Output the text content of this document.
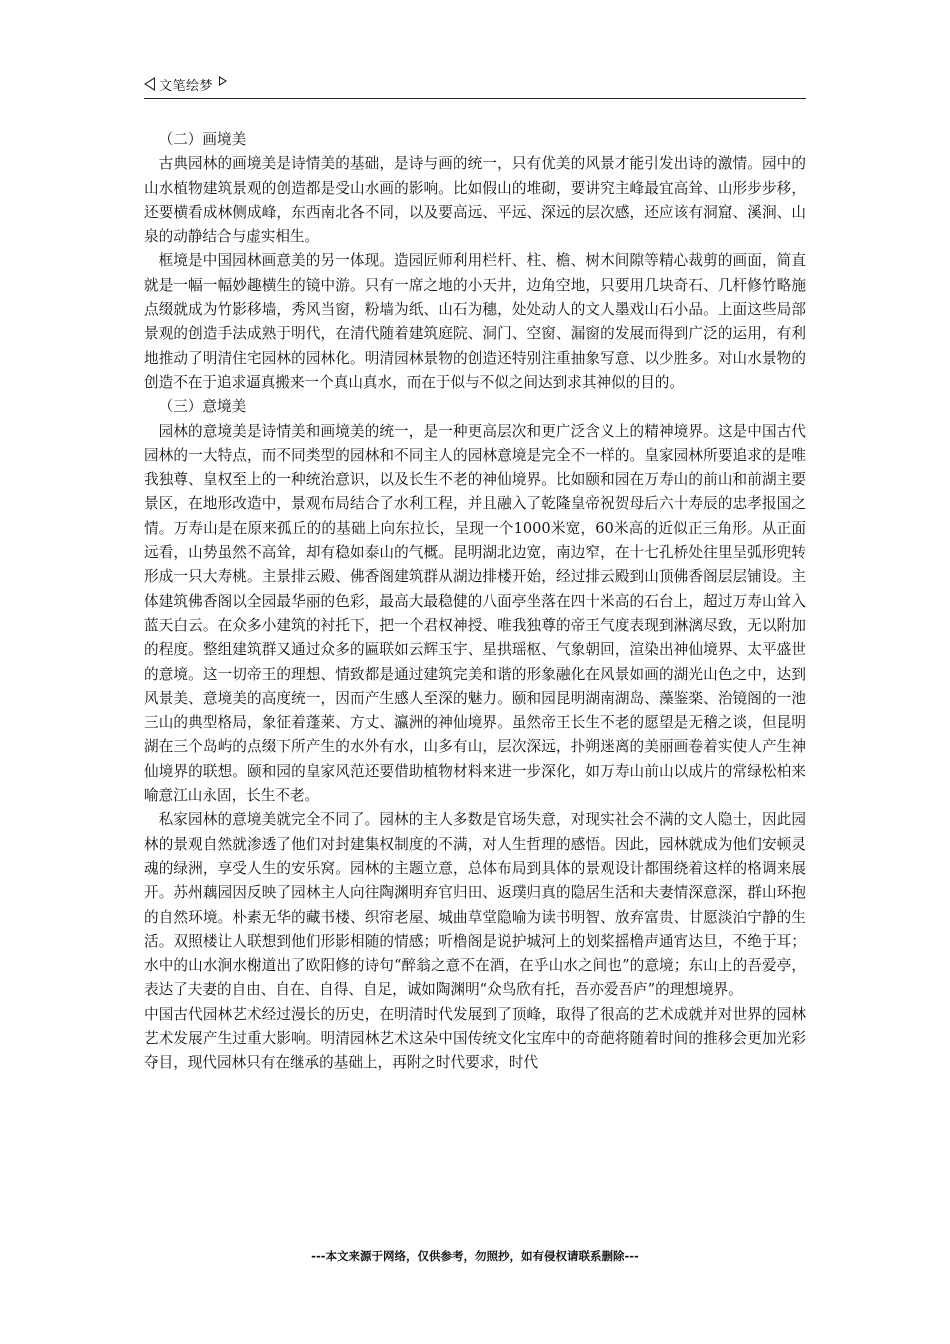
文笔绘梦

（二）画境美

古典园林的画境美是诗情美的基础，是诗与画的统一，只有优美的风景才能引发出诗的激情。园中的山水植物建筑景观的创造都是受山水画的影响。比如假山的堆砌，要讲究主峰最宜高耸、山形步步移，还要横看成林侧成峰，东西南北各不同，以及要高远、平远、深远的层次感，还应该有洞窟、溪涧、山泉的动静结合与虚实相生。

框境是中国园林画意美的另一体现。造园匠师利用栏杆、柱、檐、树木间隙等精心裁剪的画面，简直就是一幅一幅妙趣横生的镜中游。只有一席之地的小天井，边角空地，只要用几块奇石、几杆修竹略施点缀就成为竹影移墙，秀风当窗，粉墙为纸、山石为穗，处处动人的文人墨戏山石小品。上面这些局部景观的创造手法成熟于明代，在清代随着建筑庭院、洞门、空窗、漏窗的发展而得到广泛的运用，有利地推动了明清住宅园林的园林化。明清园林景物的创造还特别注重抽象写意、以少胜多。对山水景物的创造不在于追求逼真搬来一个真山真水，而在于似与不似之间达到求其神似的目的。

（三）意境美

园林的意境美是诗情美和画境美的统一，是一种更高层次和更广泛含义上的精神境界。这是中国古代园林的一大特点，而不同类型的园林和不同主人的园林意境是完全不一样的。皇家园林所要追求的是唯我独尊、皇权至上的一种统治意识，以及长生不老的神仙境界。比如颐和园在万寿山的前山和前湖主要景区，在地形改造中，景观布局结合了水利工程，并且融入了乾隆皇帝祝贺母后六十寿辰的忠孝报国之情。万寿山是在原来孤丘的的基础上向东拉长，呈现一个1000米宽，60米高的近似正三角形。从正面远看，山势虽然不高耸，却有稳如泰山的气概。昆明湖北边宽，南边窄，在十七孔桥处往里呈弧形兜转形成一只大寿桃。主景排云殿、佛香阁建筑群从湖边排楼开始，经过排云殿到山顶佛香阁层层铺设。主体建筑佛香阁以全园最华丽的色彩，最高大最稳健的八面亭坐落在四十米高的石台上，超过万寿山耸入蓝天白云。在众多小建筑的衬托下，把一个君权神授、唯我独尊的帝王气度表现到淋漓尽致，无以附加的程度。整组建筑群又通过众多的匾联如云辉玉宇、星拱瑶枢、气象朝回，渲染出神仙境界、太平盛世的意境。这一切帝王的理想、情致都是通过建筑完美和谐的形象融化在风景如画的湖光山色之中，达到风景美、意境美的高度统一，因而产生感人至深的魅力。颐和园昆明湖南湖岛、藻鉴楽、治镜阁的一池三山的典型格局，象征着蓬莱、方丈、瀛洲的神仙境界。虽然帝王长生不老的愿望是无稽之谈，但昆明湖在三个岛屿的点缀下所产生的水外有水，山多有山，层次深远，扑朔迷离的美丽画卷着实使人产生神仙境界的联想。颐和园的皇家风范还要借助植物材料来进一步深化，如万寿山前山以成片的常绿松柏来喻意江山永固，长生不老。

私家园林的意境美就完全不同了。园林的主人多数是官场失意，对现实社会不满的文人隐士，因此园林的景观自然就渗透了他们对封建集权制度的不满，对人生哲理的感悟。因此，园林就成为他们安顿灵魂的绿洲，享受人生的安乐窝。园林的主题立意，总体布局到具体的景观设计都围绕着这样的格调来展开。苏州藕园因反映了园林主人向往陶渊明弃官归田、返璞归真的隐居生活和夫妻情深意深，群山环抱的自然环境。朴素无华的藏书楼、织帘老屋、城曲草堂隐喻为读书明智、放弃富贵、甘愿淡泊宁静的生活。双照楼让人联想到他们形影相随的情感；听橹阁是说护城河上的划桨摇橹声通宵达旦，不绝于耳；水中的山水涧水榭道出了欧阳修的诗句“醉翁之意不在酒，在乎山水之间也”的意境；东山上的吾爱亭，表达了夫妻的自由、自在、自得、自足，诚如陶渊明“众鸟欣有托，吾亦爱吾庐”的理想境界。

中国古代园林艺术经过漫长的历史，在明清时代发展到了顶峰，取得了很高的艺术成就并对世界的园林艺术发展产生过重大影响。明清园林艺术这朵中国传统文化宝库中的奇葩将随着时间的推移会更加光彩夺目，现代园林只有在继承的基础上，再附之时代要求，时代

---本文来源于网络，仅供参考，勿照抄，如有侵权请联系删除---
